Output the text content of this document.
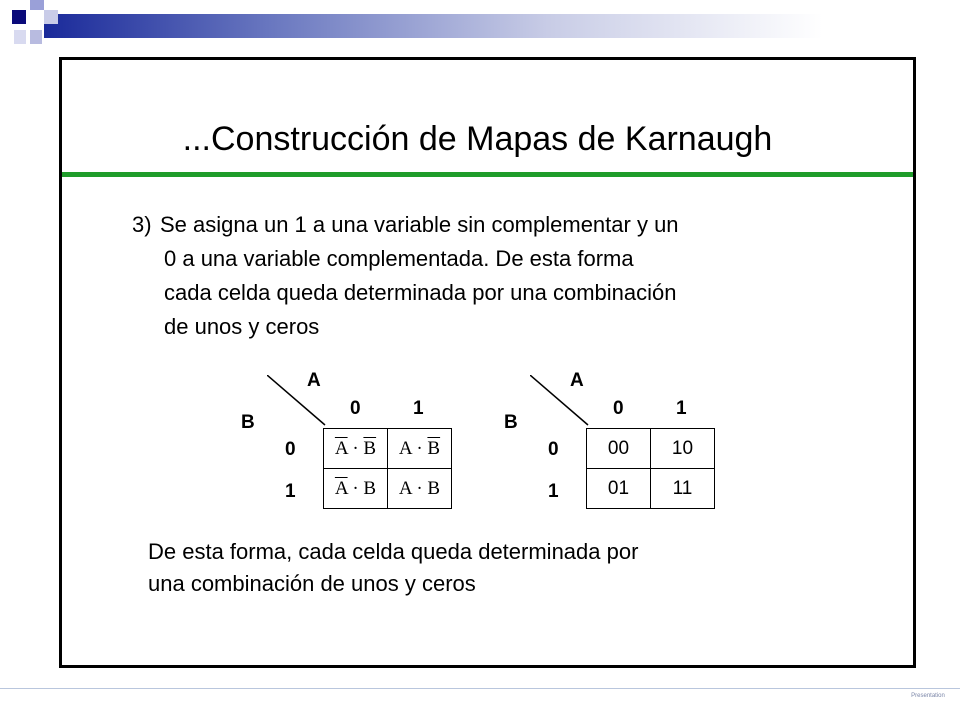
...Construcción de Mapas de Karnaugh
3) Se asigna un 1 a una variable sin complementar y un
0 a una variable complementada. De esta forma
cada celda queda determinada por una combinación
de unos y ceros
A
B
0	1
0
1
$\overline{A} \cdot \overline{B}$	$A \cdot \overline{B}$
$\overline{A} \cdot B$	A · B
A
B
0	1
0
1
00	10
01	11
De esta forma, cada celda queda determinada por
una combinación de unos y ceros
Presentation
